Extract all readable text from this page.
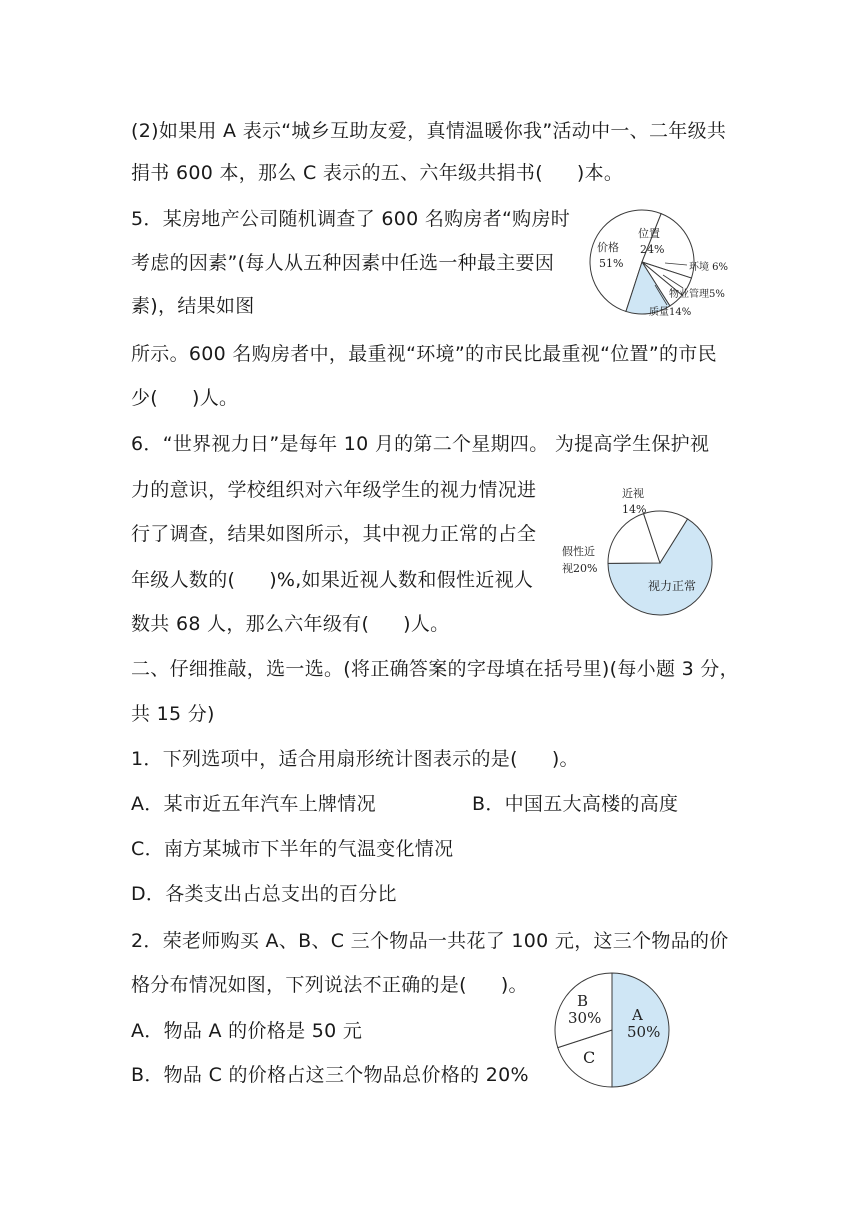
(2)如果用 A 表示“城乡互助友爱，真情温暖你我”活动中一、二年级共
捐书 600 本，那么 C 表示的五、六年级共捐书( )本。
5．某房地产公司随机调查了 600 名购房者“购房时
考虑的因素”(每人从五种因素中任选一种最主要因
素)，结果如图
所示。600 名购房者中，最重视“环境”的市民比最重视“位置”的市民
少( )人。
6．“世界视力日”是每年 10 月的第二个星期四。 为提高学生保护视
力的意识，学校组织对六年级学生的视力情况进
行了调查，结果如图所示，其中视力正常的占全
年级人数的( )%,如果近视人数和假性近视人
数共 68 人，那么六年级有( )人。
二、仔细推敲，选一选。(将正确答案的字母填在括号里)(每小题 3 分，
共 15 分)
1．下列选项中，适合用扇形统计图表示的是( )。
A．某市近五年汽车上牌情况	B．中国五大高楼的高度
C．南方某城市下半年的气温变化情况
D．各类支出占总支出的百分比
2．荣老师购买 A、B、C 三个物品一共花了 100 元，这三个物品的价
格分布情况如图，下列说法不正确的是( )。
A．物品 A 的价格是 50 元
B．物品 C 的价格占这三个物品总价格的 20%
价格
51%
位置
24%
环境 6%
物业管理5%
质量14%
近视
14%
假性近
视20%
视力正常
A
50%
B
30%
C
